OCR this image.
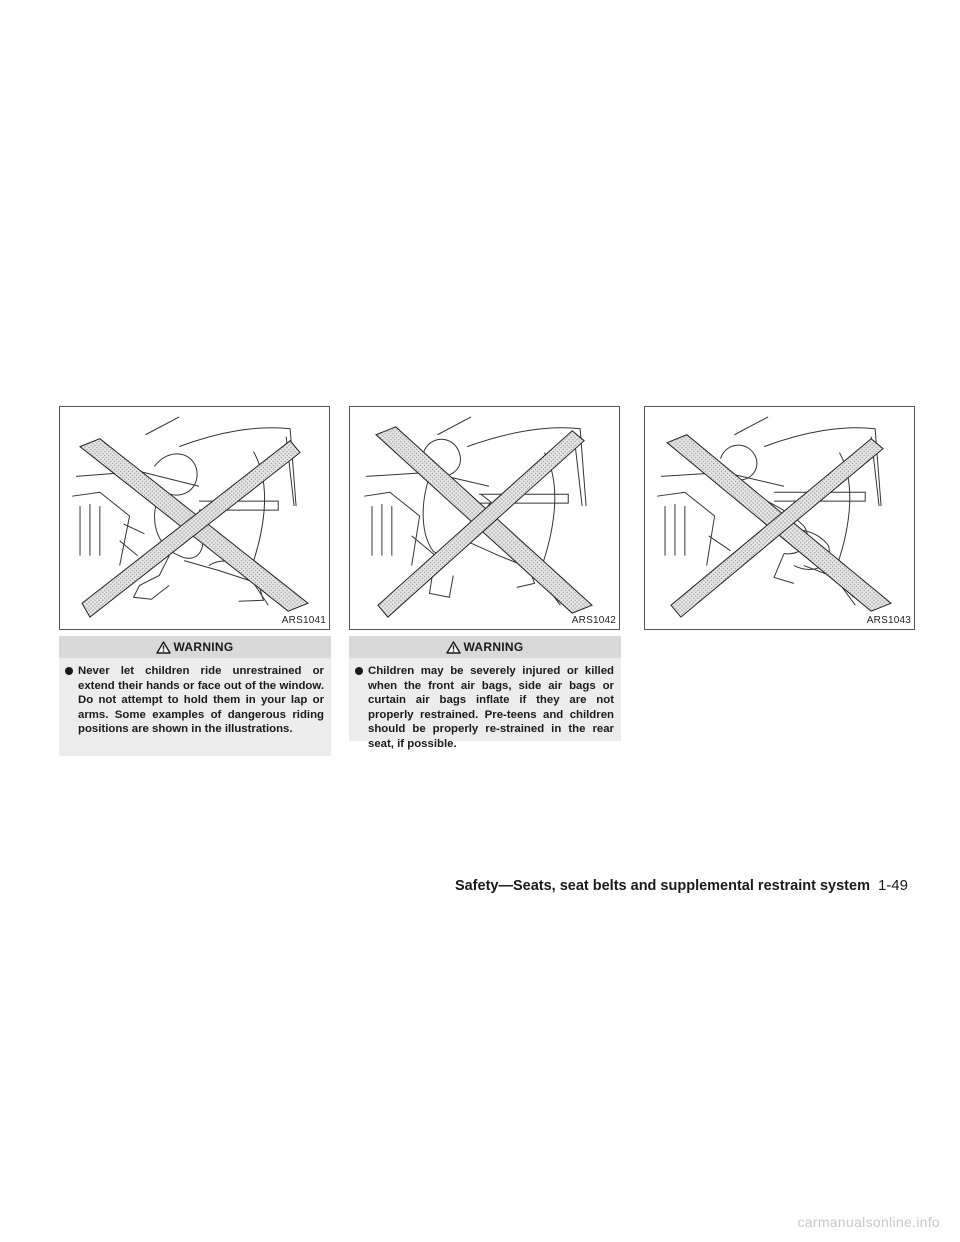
ARS1041	ARS1042	ARS1043
WARNING
Never let children ride unrestrained or extend their hands or face out of the window. Do not attempt to hold them in your lap or arms. Some examples of dangerous riding positions are shown in the illustrations.
WARNING
Children may be severely injured or killed when the front air bags, side air bags or curtain air bags inflate if they are not properly restrained. Pre-teens and children should be properly re-strained in the rear seat, if possible.
Safety—Seats, seat belts and supplemental restraint system 1-49
carmanualsonline.info
